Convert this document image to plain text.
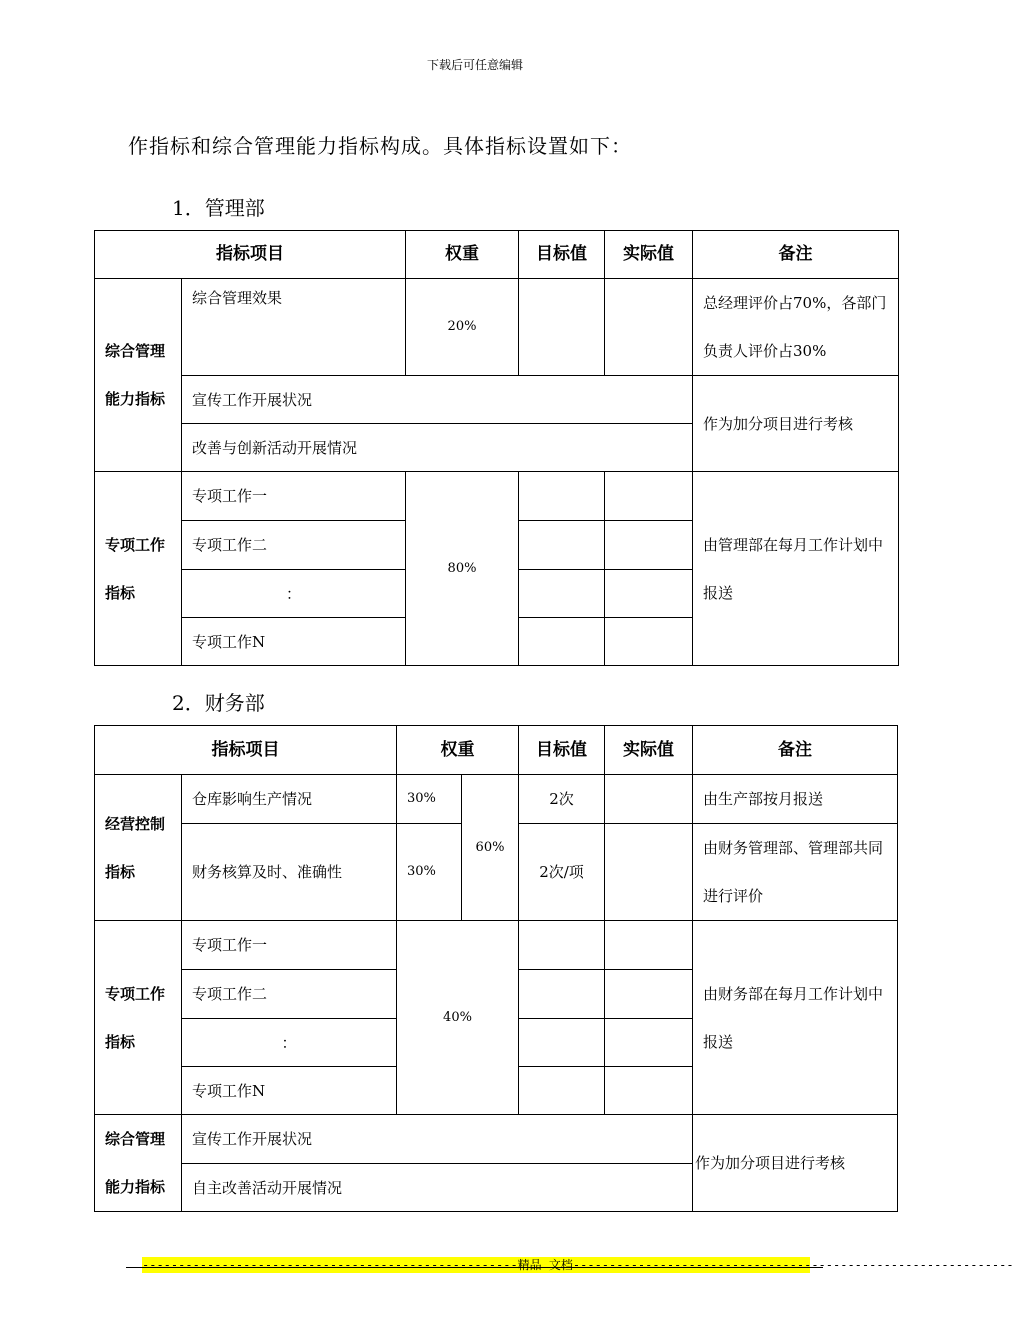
下载后可任意编辑
作指标和综合管理能力指标构成。具体指标设置如下：
1．管理部
指标项目		权重	目标值	实际值	备注
综合管理能力指标	综合管理效果	20%			总经理评价占70%，各部门负责人评价占30%
	宣传工作开展状况				作为加分项目进行考核
	改善与创新活动开展情况				
专项工作指标	专项工作一	80%			由管理部在每月工作计划中报送
	专项工作二				
	：				
	专项工作N				
2．财务部
指标项目		权重		目标值	实际值	备注
经营控制指标	仓库影响生产情况	30%	60%	2次		由生产部按月报送
	财务核算及时、准确性	30%		2次/项		由财务管理部、管理部共同进行评价
专项工作指标	专项工作一	40%				由财务部在每月工作计划中报送
	专项工作二					
	：					
	专项工作N					
综合管理能力指标	宣传工作开展状况					作为加分项目进行考核
	自主改善活动开展情况					
----------------------------------------------------精品 文档-------------------------------------------------------------
